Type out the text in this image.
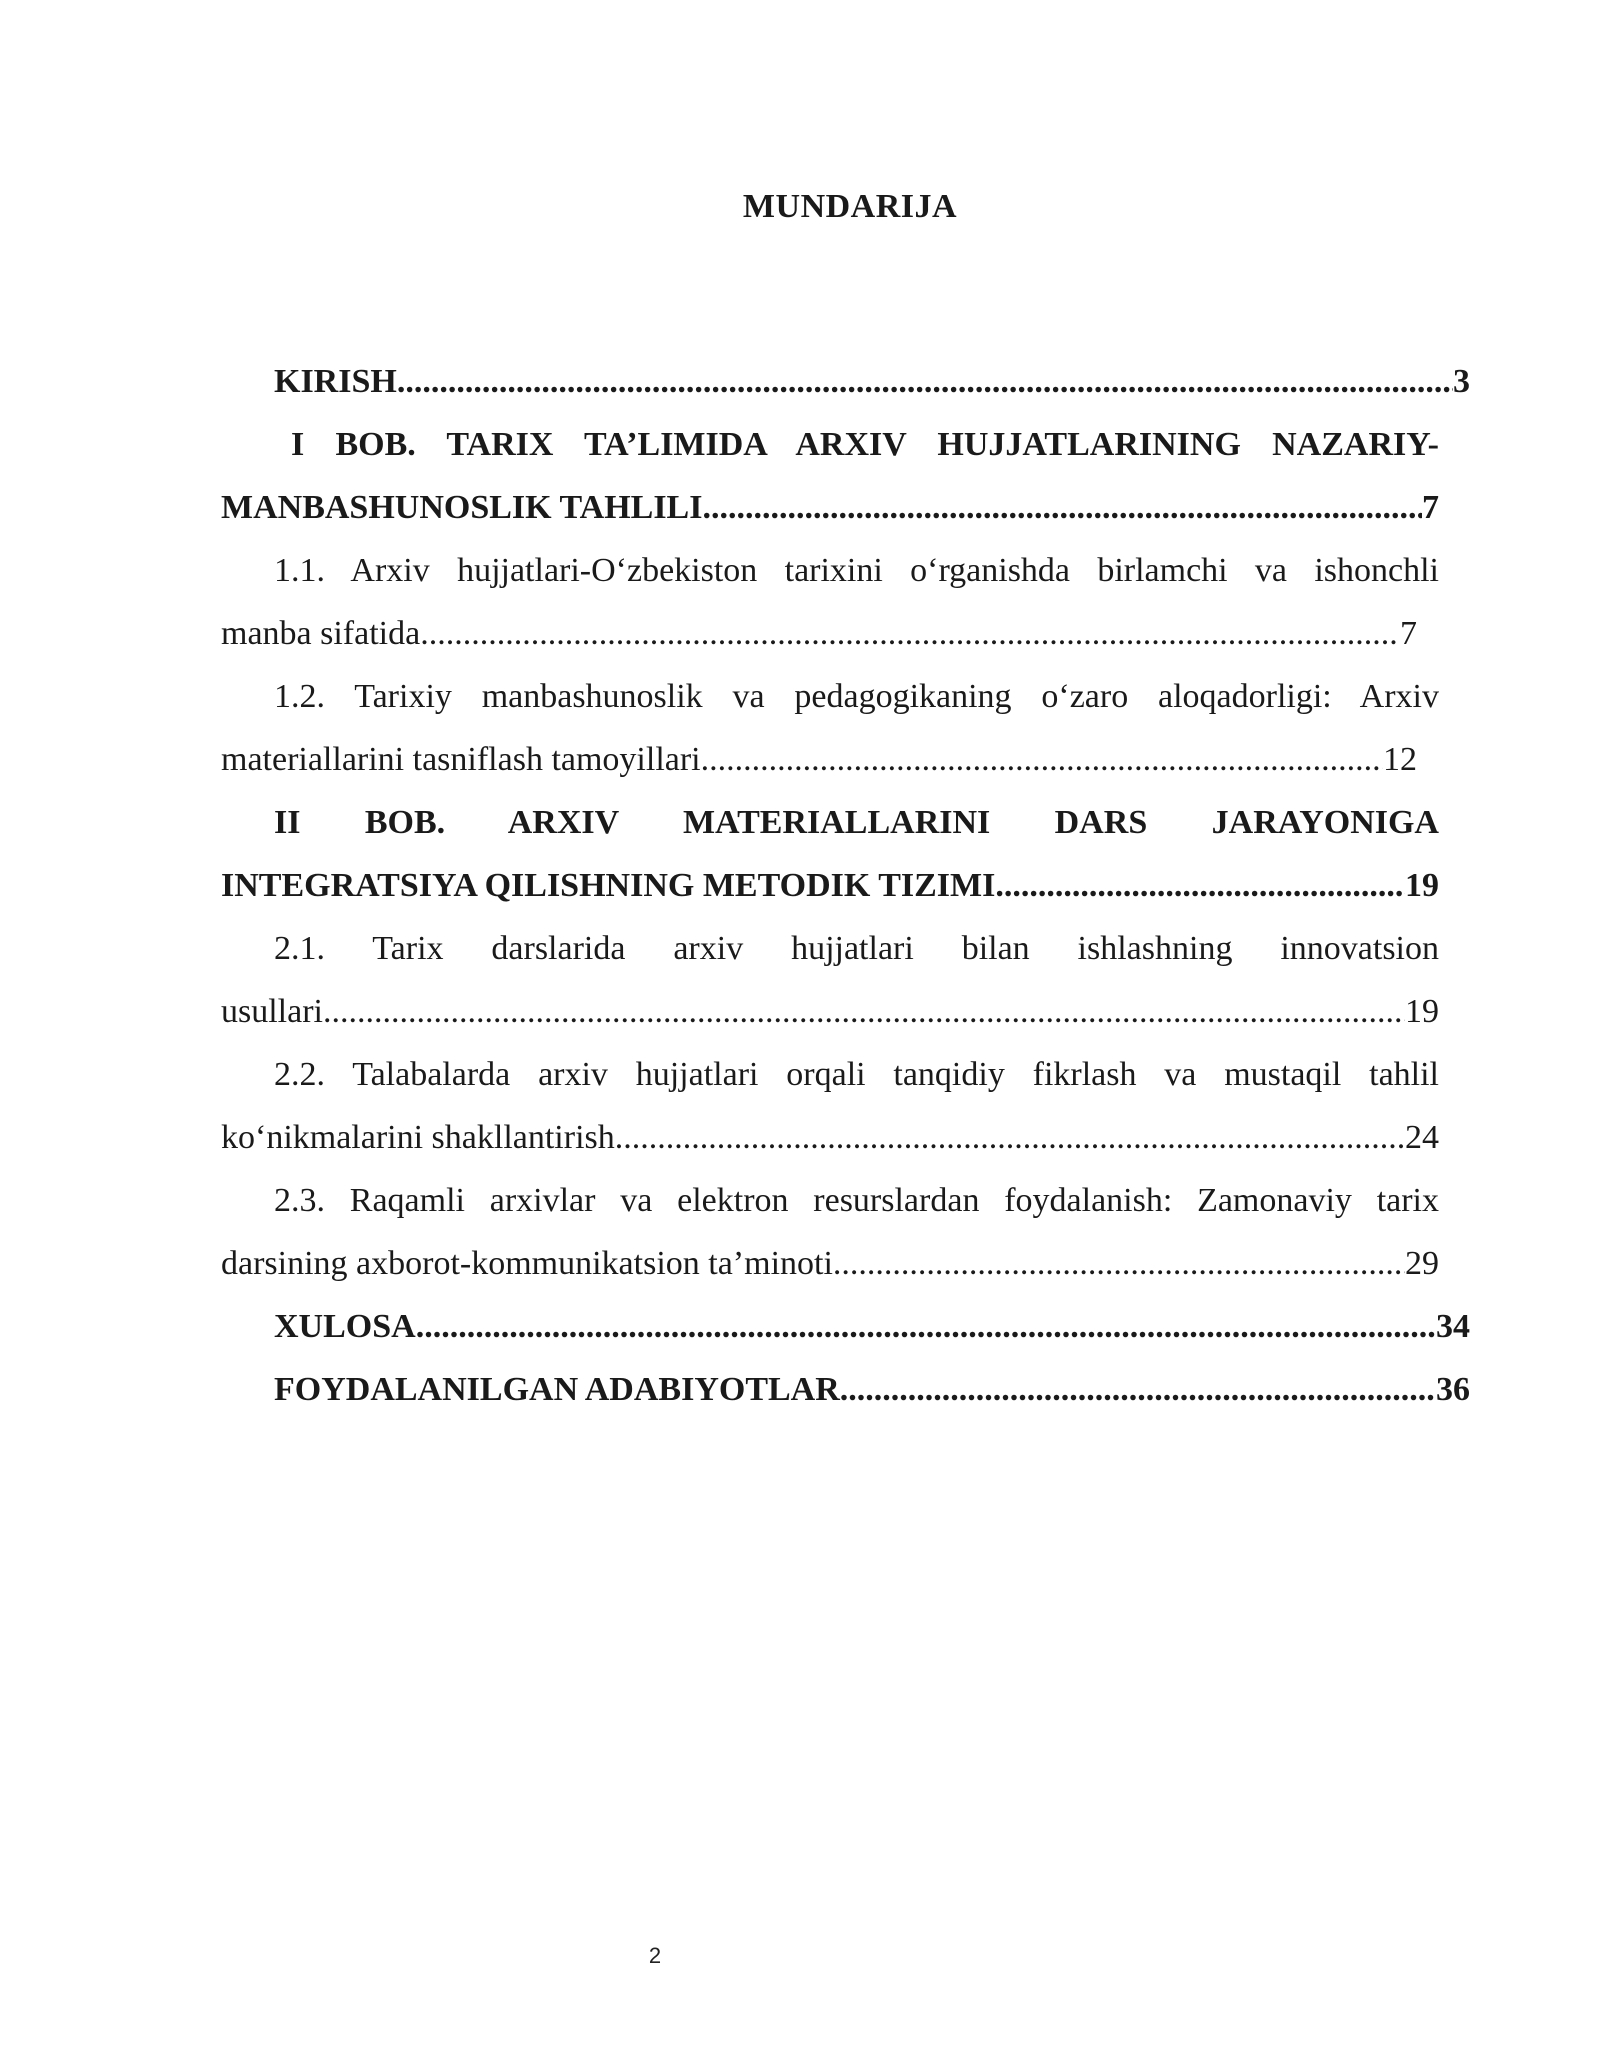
MUNDARIJA
KIRISH .....	3
I BOB. TARIX TA’LIMIDA ARXIV HUJJATLARINING NAZARIY-
MANBASHUNOSLIK TAHLILI .....	7
1.1. Arxiv hujjatlari-O‘zbekiston tarixini o‘rganishda birlamchi va ishonchli
manba sifatida .....	7
1.2. Tarixiy manbashunoslik va pedagogikaning o‘zaro aloqadorligi: Arxiv
materiallarini tasniflash tamoyillari. .....	12
II BOB. ARXIV MATERIALLARINI DARS JARAYONIGA
INTEGRATSIYA QILISHNING METODIK TIZIMI .....	19
2.1. Tarix darslarida arxiv hujjatlari bilan ishlashning innovatsion
usullari .....	19
2.2. Talabalarda arxiv hujjatlari orqali tanqidiy fikrlash va mustaqil tahlil
ko‘nikmalarini shakllantirish .....	24
2.3. Raqamli arxivlar va elektron resurslardan foydalanish: Zamonaviy tarix
darsining axborot-kommunikatsion ta’minoti .....	29
XULOSA .....	34
FOYDALANILGAN ADABIYOTLAR .....	36
2
